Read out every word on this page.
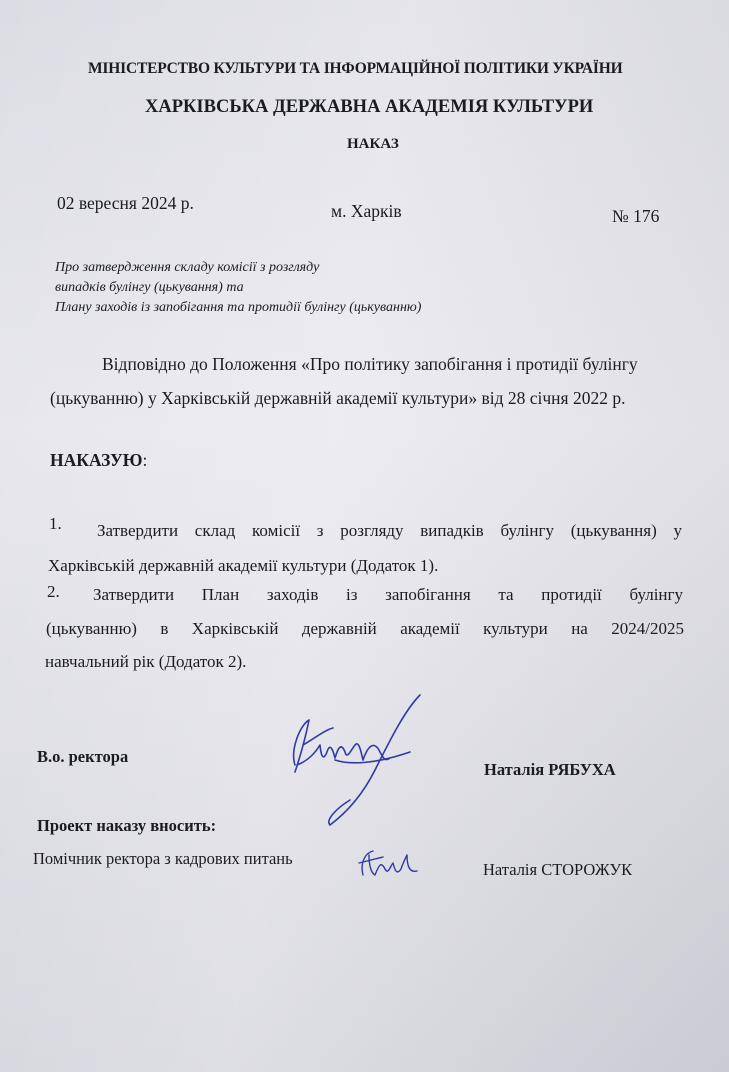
МІНІСТЕРСТВО КУЛЬТУРИ ТА ІНФОРМАЦІЙНОЇ ПОЛІТИКИ УКРАЇНИ
ХАРКІВСЬКА ДЕРЖАВНА АКАДЕМІЯ КУЛЬТУРИ
НАКАЗ
02 вересня 2024 р.	м. Харків	№ 176
Про затвердження складу комісії з розгляду
випадків булінгу (цькування) та
Плану заходів із запобігання та протидії булінгу (цькуванню)
Відповідно до Положення «Про політику запобігання і протидії булінгу
(цькуванню) у Харківській державній академії культури» від 28 січня 2022 р.
НАКАЗУЮ:
1. Затвердити склад комісії з розгляду випадків булінгу (цькування) у
Харківській державній академії культури (Додаток 1).
2. Затвердити План заходів із запобігання та протидії булінгу
(цькуванню) в Харківській державній академії культури на 2024/2025
навчальний рік (Додаток 2).
В.о. ректора
Наталія РЯБУХА
Проект наказу вносить:
Помічник ректора з кадрових питань
Наталія СТОРОЖУК
